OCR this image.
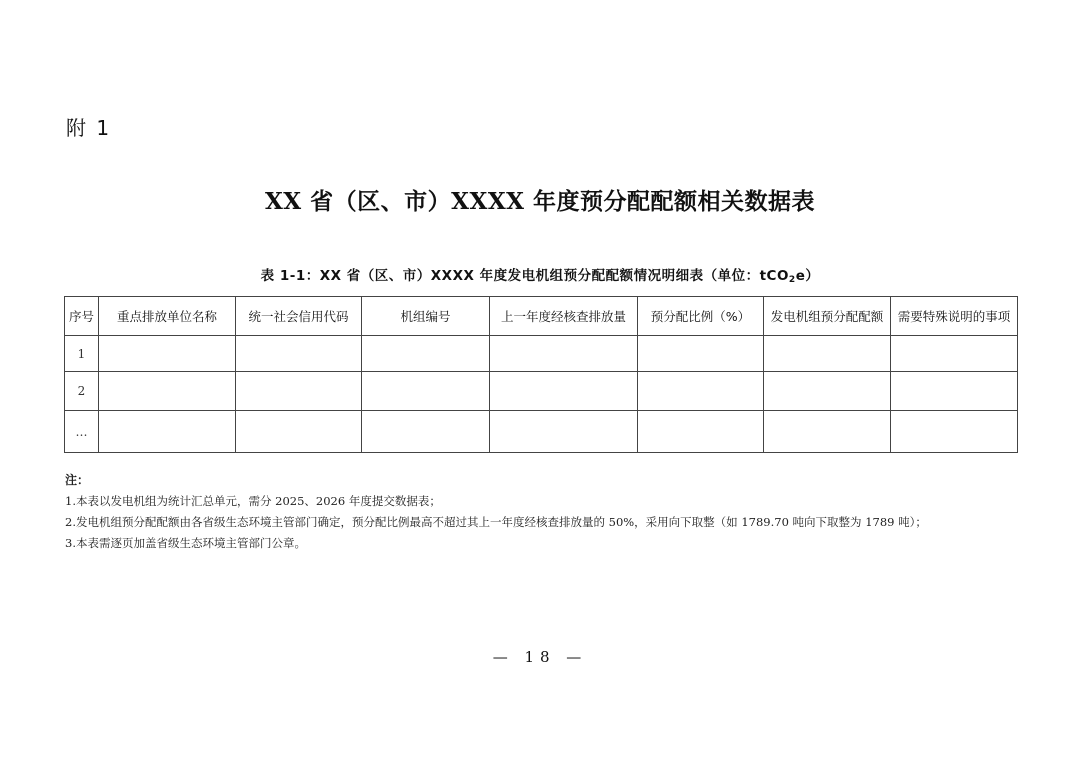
附 1
XX 省（区、市）XXXX 年度预分配配额相关数据表
表 1-1：XX 省（区、市）XXXX 年度发电机组预分配配额情况明细表（单位：tCO$_2$e）
序号	重点排放单位名称	统一社会信用代码	机组编号	上一年度经核查排放量	预分配比例（%）	发电机组预分配配额	需要特殊说明的事项
1							
2							
…							
注：
1.本表以发电机组为统计汇总单元，需分 2025、2026 年度提交数据表；
2.发电机组预分配配额由各省级生态环境主管部门确定，预分配比例最高不超过其上一年度经核查排放量的 50%，采用向下取整（如 1789.70 吨向下取整为 1789 吨）；
3.本表需逐页加盖省级生态环境主管部门公章。
— 18 —
